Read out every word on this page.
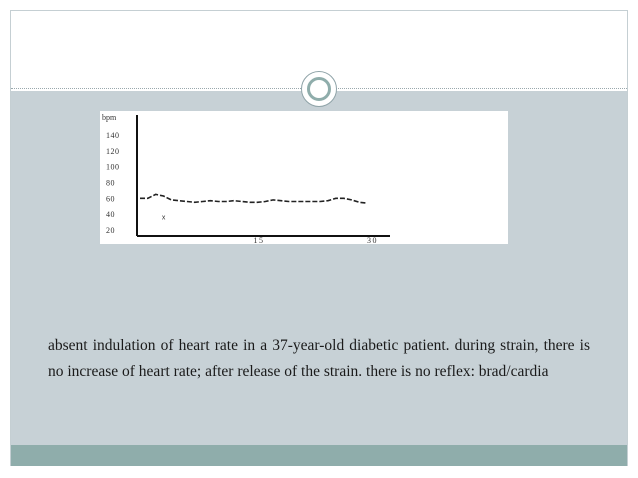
bpm
140
120
100
80
60
40
20
15	30
x
absent indulation of heart rate in a 37-year-old diabetic patient. during strain, there is no increase of heart rate; after release of the strain. there is no reflex: brad/cardia
